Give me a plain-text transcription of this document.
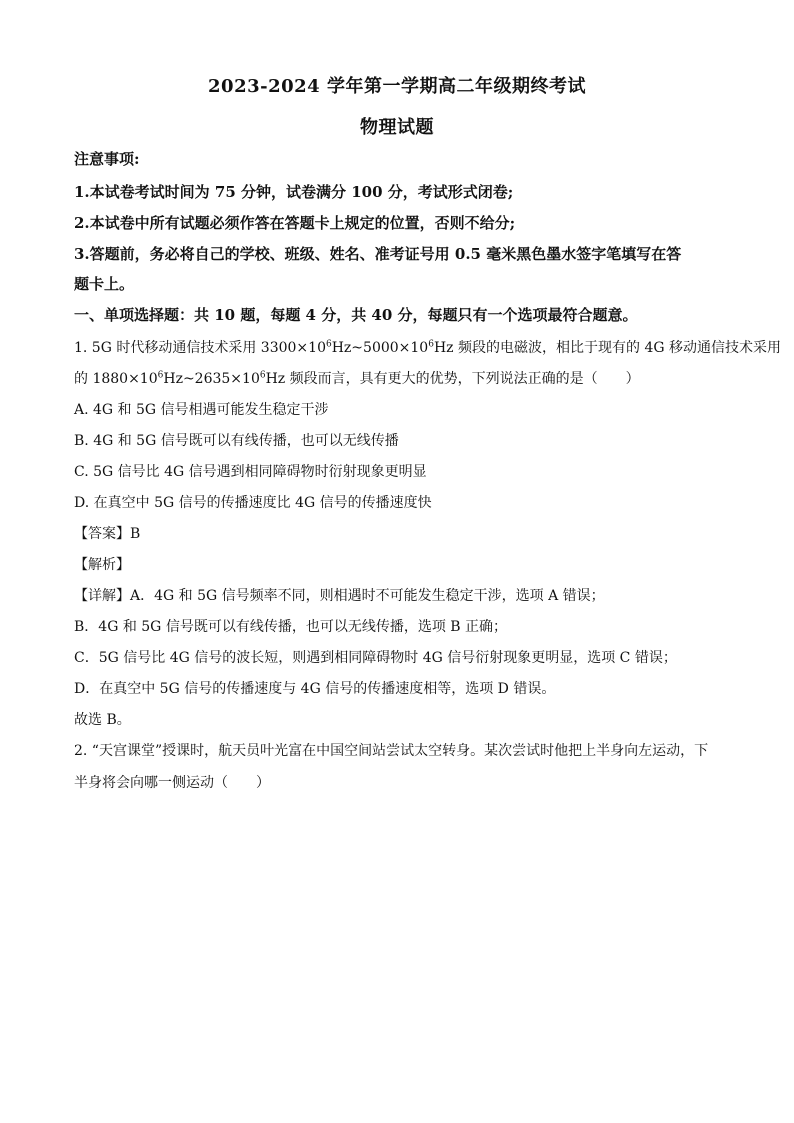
2023-2024 学年第一学期高二年级期终考试
物理试题
注意事项:
1.本试卷考试时间为 75 分钟，试卷满分 100 分，考试形式闭卷;
2.本试卷中所有试题必须作答在答题卡上规定的位置，否则不给分;
3.答题前，务必将自己的学校、班级、姓名、准考证号用 0.5 毫米黑色墨水签字笔填写在答
题卡上。
一、单项选择题：共 10 题，每题 4 分，共 40 分，每题只有一个选项最符合题意。
1. 5G 时代移动通信技术采用 $3300\times 10^6Hz\sim 5000\times 10^6Hz$ 频段的电磁波，相比于现有的 4G 移动通信技术采用
的 $1880\times 10^6Hz\sim 2635\times 10^6Hz$ 频段而言，具有更大的优势，下列说法正确的是（　　）
A. 4G 和 5G 信号相遇可能发生稳定干涉
B. 4G 和 5G 信号既可以有线传播，也可以无线传播
C. 5G 信号比 4G 信号遇到相同障碍物时衍射现象更明显
D. 在真空中 5G 信号的传播速度比 4G 信号的传播速度快
【答案】B
【解析】
【详解】A．4G 和 5G 信号频率不同，则相遇时不可能发生稳定干涉，选项 A 错误；
B．4G 和 5G 信号既可以有线传播，也可以无线传播，选项 B 正确；
C．5G 信号比 4G 信号的波长短，则遇到相同障碍物时 4G 信号衍射现象更明显，选项 C 错误；
D．在真空中 5G 信号的传播速度与 4G 信号的传播速度相等，选项 D 错误。
故选 B。
2. “天宫课堂”授课时，航天员叶光富在中国空间站尝试太空转身。某次尝试时他把上半身向左运动，下
半身将会向哪一侧运动（　　）
